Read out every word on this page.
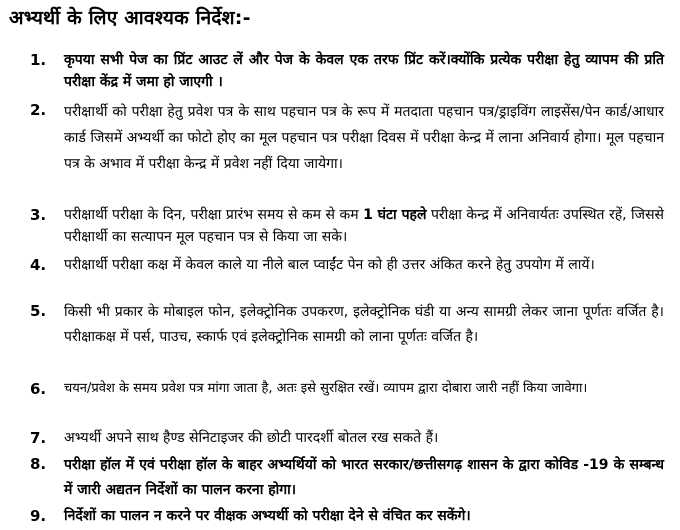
अभ्यर्थी के लिए आवश्यक निर्देश:-
1.	कृपया सभी पेज का प्रिंट आउट लें और पेज के केवल एक तरफ प्रिंट करें।क्योंकि प्रत्येक परीक्षा हेतु व्यापम की प्रति परीक्षा केंद्र में जमा हो जाएगी ।
2.	परीक्षार्थी को परीक्षा हेतु प्रवेश पत्र के साथ पहचान पत्र के रूप में मतदाता पहचान पत्र/ड्राइविंग लाइसेंस/पेन कार्ड/आधार कार्ड जिसमें अभ्यर्थी का फोटो होए का मूल पहचान पत्र परीक्षा दिवस में परीक्षा केन्द्र में लाना अनिवार्य होगा। मूल पहचान पत्र के अभाव में परीक्षा केन्द्र में प्रवेश नहीं दिया जायेगा।
3.	परीक्षार्थी परीक्षा के दिन, परीक्षा प्रारंभ समय से कम से कम 1 घंटा पहले परीक्षा केन्द्र में अनिवार्यतः उपस्थित रहें, जिससे परीक्षार्थी का सत्यापन मूल पहचान पत्र से किया जा सके।
4.	परीक्षार्थी परीक्षा कक्ष में केवल काले या नीले बाल प्वाईंट पेन को ही उत्तर अंकित करने हेतु उपयोग में लायें।
5.	किसी भी प्रकार के मोबाइल फोन, इलेक्ट्रोनिक उपकरण, इलेक्ट्रोनिक घंडी या अन्य सामग्री लेकर जाना पूर्णतः वर्जित है। परीक्षाकक्ष में पर्स, पाउच, स्कार्फ एवं इलेक्ट्रोनिक सामग्री को लाना पूर्णतः वर्जित है।
6.	चयन/प्रवेश के समय प्रवेश पत्र मांगा जाता है, अतः इसे सुरक्षित रखें। व्यापम द्वारा दोबारा जारी नहीं किया जावेगा।
7.	अभ्यर्थी अपने साथ हैण्ड सेनिटाइजर की छोटी पारदर्शी बोतल रख सकते हैं।
8.	परीक्षा हॉल में एवं परीक्षा हॉल के बाहर अभ्यर्थियों को भारत सरकार/छत्तीसगढ़ शासन के द्वारा कोविड -19 के सम्बन्ध में जारी अद्यतन निर्देशों का पालन करना होगा।
9.	निर्देशों का पालन न करने पर वीक्षक अभ्यर्थी को परीक्षा देने से वंचित कर सकेंगे।
